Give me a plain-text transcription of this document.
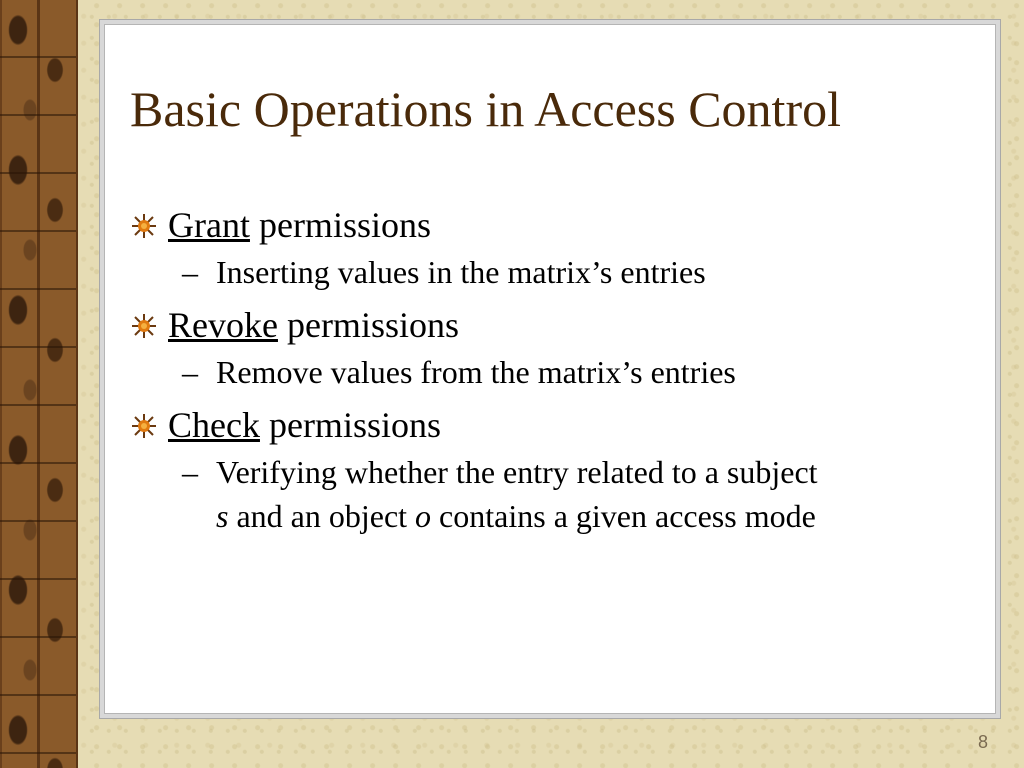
Basic Operations in Access Control
Grant permissions
– Inserting values in the matrix’s entries
Revoke permissions
– Remove values from the matrix’s entries
Check permissions
– Verifying whether the entry related to a subject
s and an object o contains a given access mode
8
